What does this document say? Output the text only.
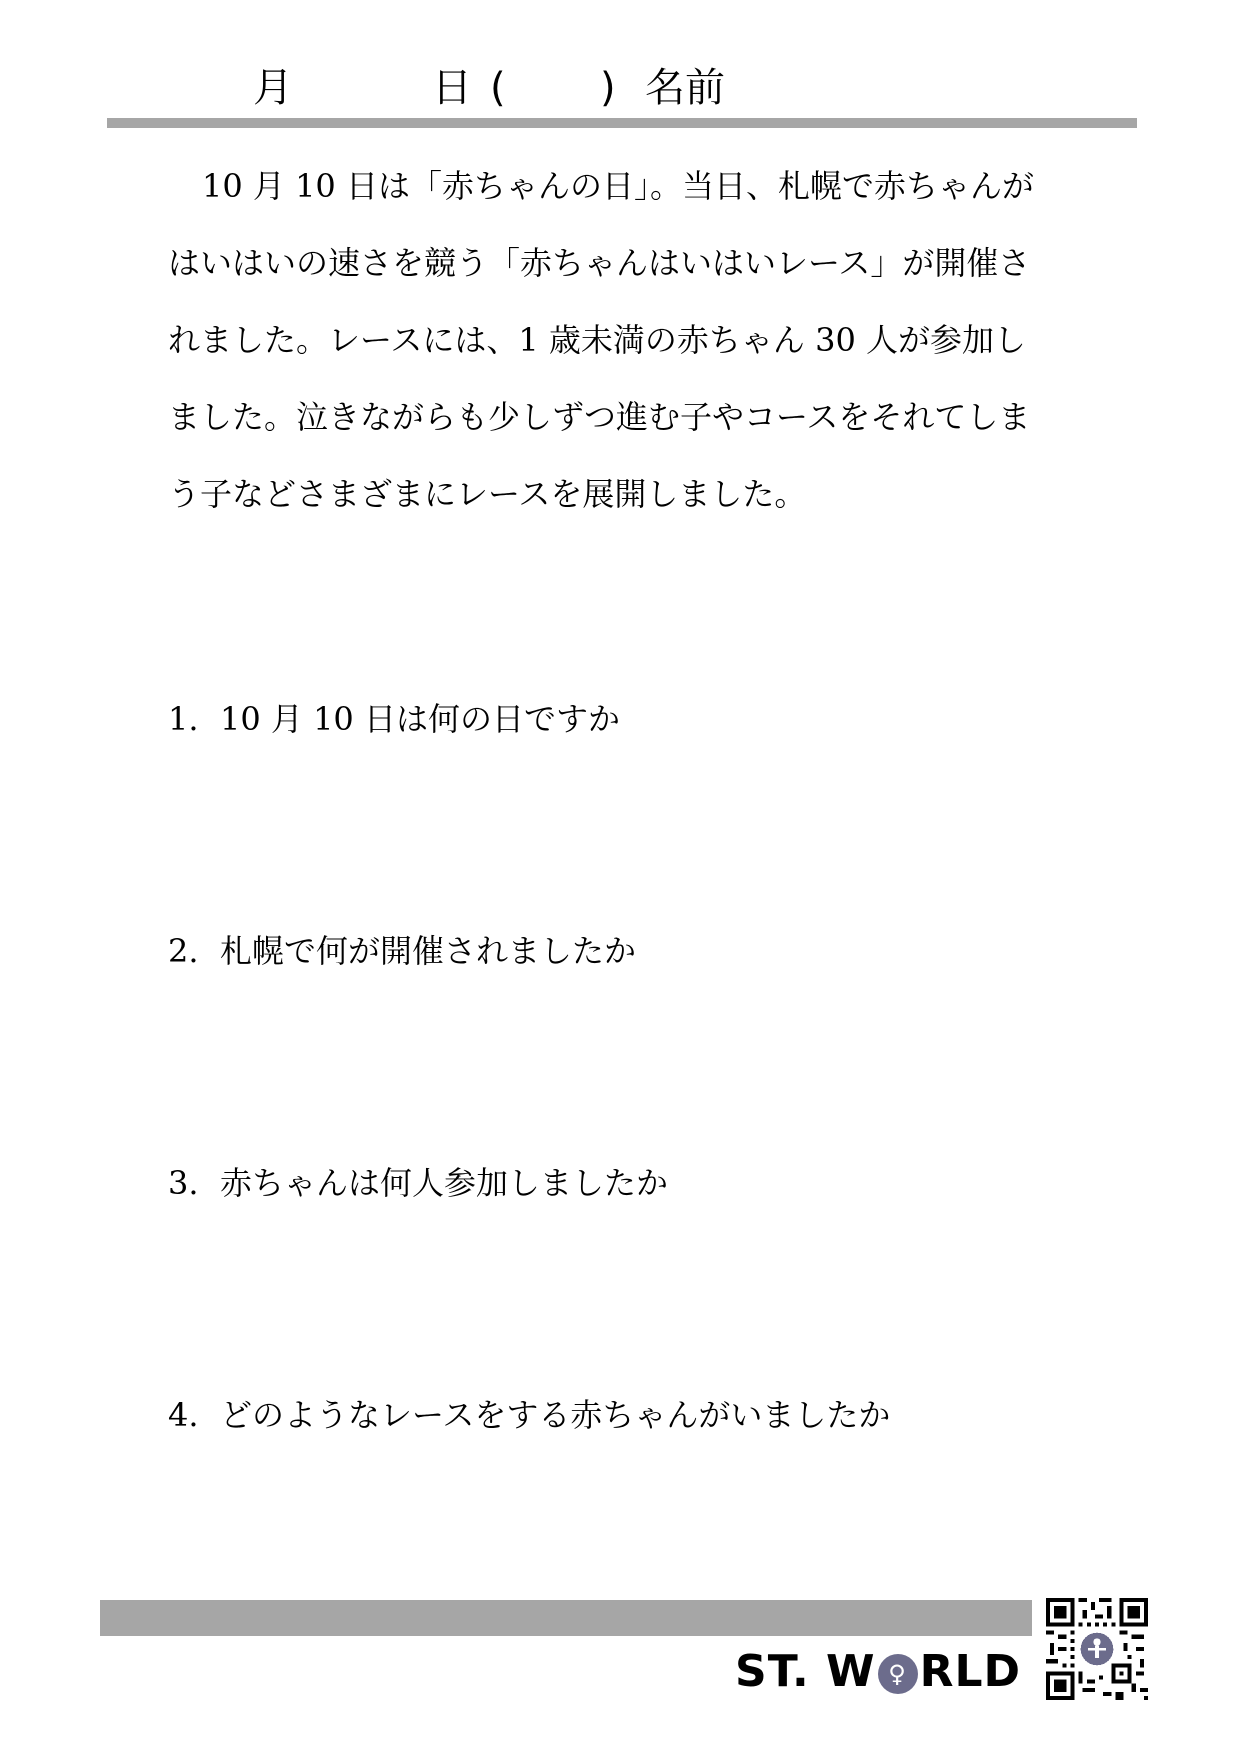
月	日 ( ) 名前
10 月 10 日は「赤ちゃんの日」。当日、札幌で赤ちゃんが
はいはいの速さを競う「赤ちゃんはいはいレース」が開催さ
れました。レースには、1 歳未満の赤ちゃん 30 人が参加し
ました。泣きながらも少しずつ進む子やコースをそれてしま
う子などさまざまにレースを展開しました。
1. 10 月 10 日は何の日ですか
2. 札幌で何が開催されましたか
3. 赤ちゃんは何人参加しましたか
4. どのようなレースをする赤ちゃんがいましたか
ST. W ♀ RLD
